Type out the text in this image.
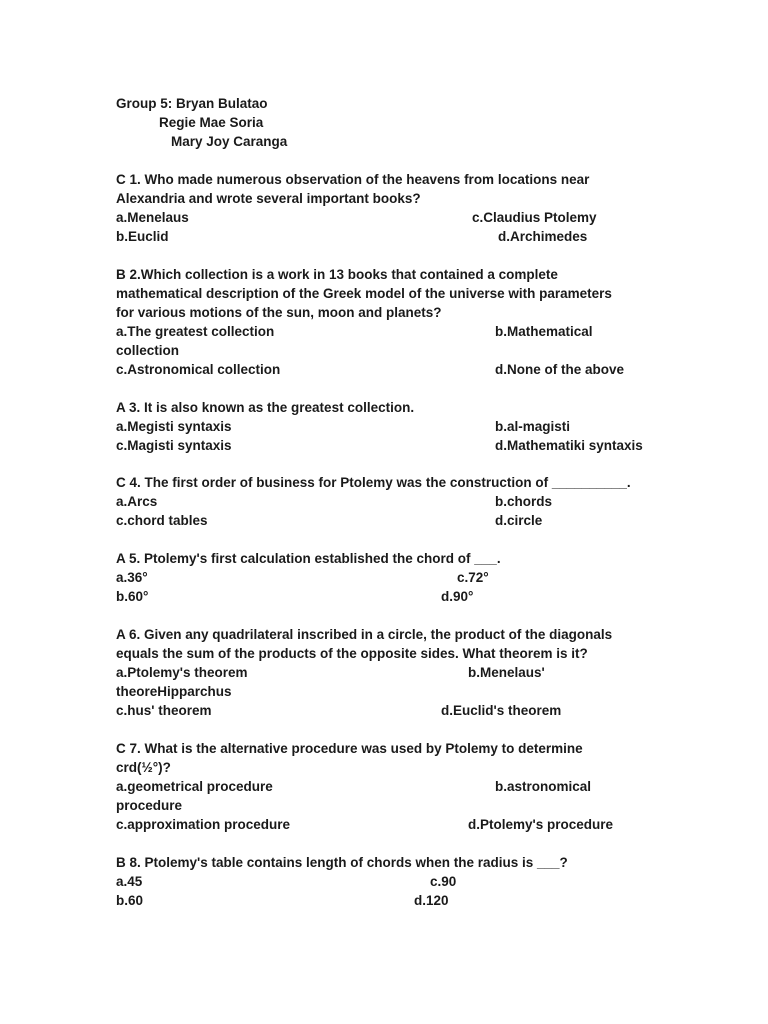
Group 5: Bryan Bulatao
Regie Mae Soria
Mary Joy Caranga
C 1. Who made numerous observation of the heavens from locations near
Alexandria and wrote several important books?
a.Menelaus	c.Claudius Ptolemy
b.Euclid	d.Archimedes
B 2.Which collection is a work in 13 books that contained a complete
mathematical description of the Greek model of the universe with parameters
for various motions of the sun, moon and planets?
a.The greatest collection	b.Mathematical
collection
c.Astronomical collection	d.None of the above
A 3. It is also known as the greatest collection.
a.Megisti syntaxis	b.al-magisti
c.Magisti syntaxis	d.Mathematiki syntaxis
C 4. The first order of business for Ptolemy was the construction of __________.
a.Arcs	b.chords
c.chord tables	d.circle
A 5. Ptolemy's first calculation established the chord of ___.
a.36°	c.72°
b.60°	d.90°
A 6. Given any quadrilateral inscribed in a circle, the product of the diagonals
equals the sum of the products of the opposite sides. What theorem is it?
a.Ptolemy's theorem	b.Menelaus'
theoreHipparchus
c.hus' theorem	d.Euclid's theorem
C 7. What is the alternative procedure was used by Ptolemy to determine
crd(½°)?
a.geometrical procedure	b.astronomical
procedure
c.approximation procedure	d.Ptolemy's procedure
B 8. Ptolemy's table contains length of chords when the radius is ___?
a.45	c.90
b.60	d.120
